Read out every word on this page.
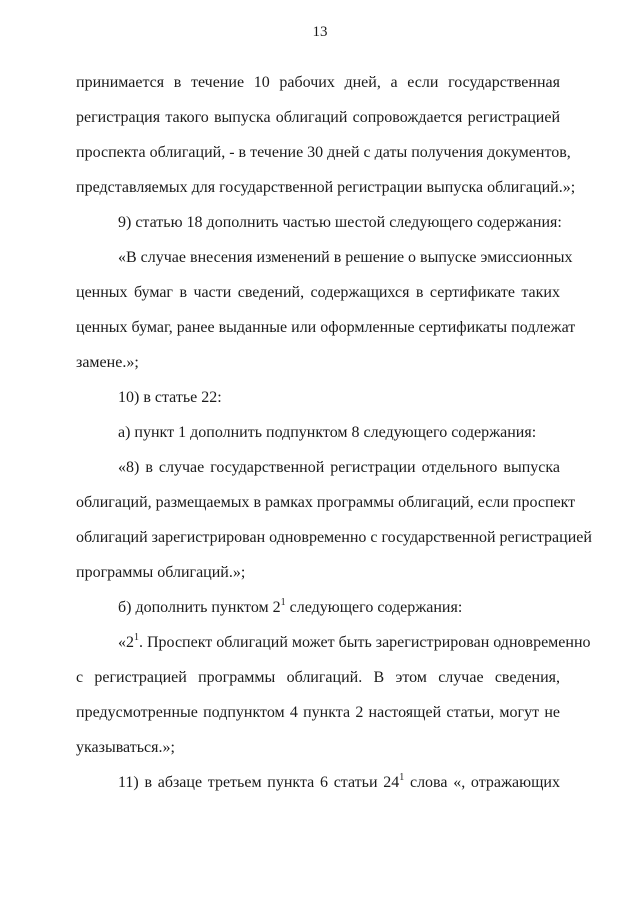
13
принимается в течение 10 рабочих дней, а если государственная
регистрация такого выпуска облигаций сопровождается регистрацией
проспекта облигаций, - в течение 30 дней с даты получения документов,
представляемых для государственной регистрации выпуска облигаций.»;
9) статью 18 дополнить частью шестой следующего содержания:
«В случае внесения изменений в решение о выпуске эмиссионных
ценных бумаг в части сведений, содержащихся в сертификате таких
ценных бумаг, ранее выданные или оформленные сертификаты подлежат
замене.»;
10) в статье 22:
а) пункт 1 дополнить подпунктом 8 следующего содержания:
«8) в случае государственной регистрации отдельного выпуска
облигаций, размещаемых в рамках программы облигаций, если проспект
облигаций зарегистрирован одновременно с государственной регистрацией
программы облигаций.»;
б) дополнить пунктом $2^1$ следующего содержания:
«$2^1$. Проспект облигаций может быть зарегистрирован одновременно
с регистрацией программы облигаций. В этом случае сведения,
предусмотренные подпунктом 4 пункта 2 настоящей статьи, могут не
указываться.»;
11) в абзаце третьем пункта 6 статьи $24^1$ слова «, отражающих
